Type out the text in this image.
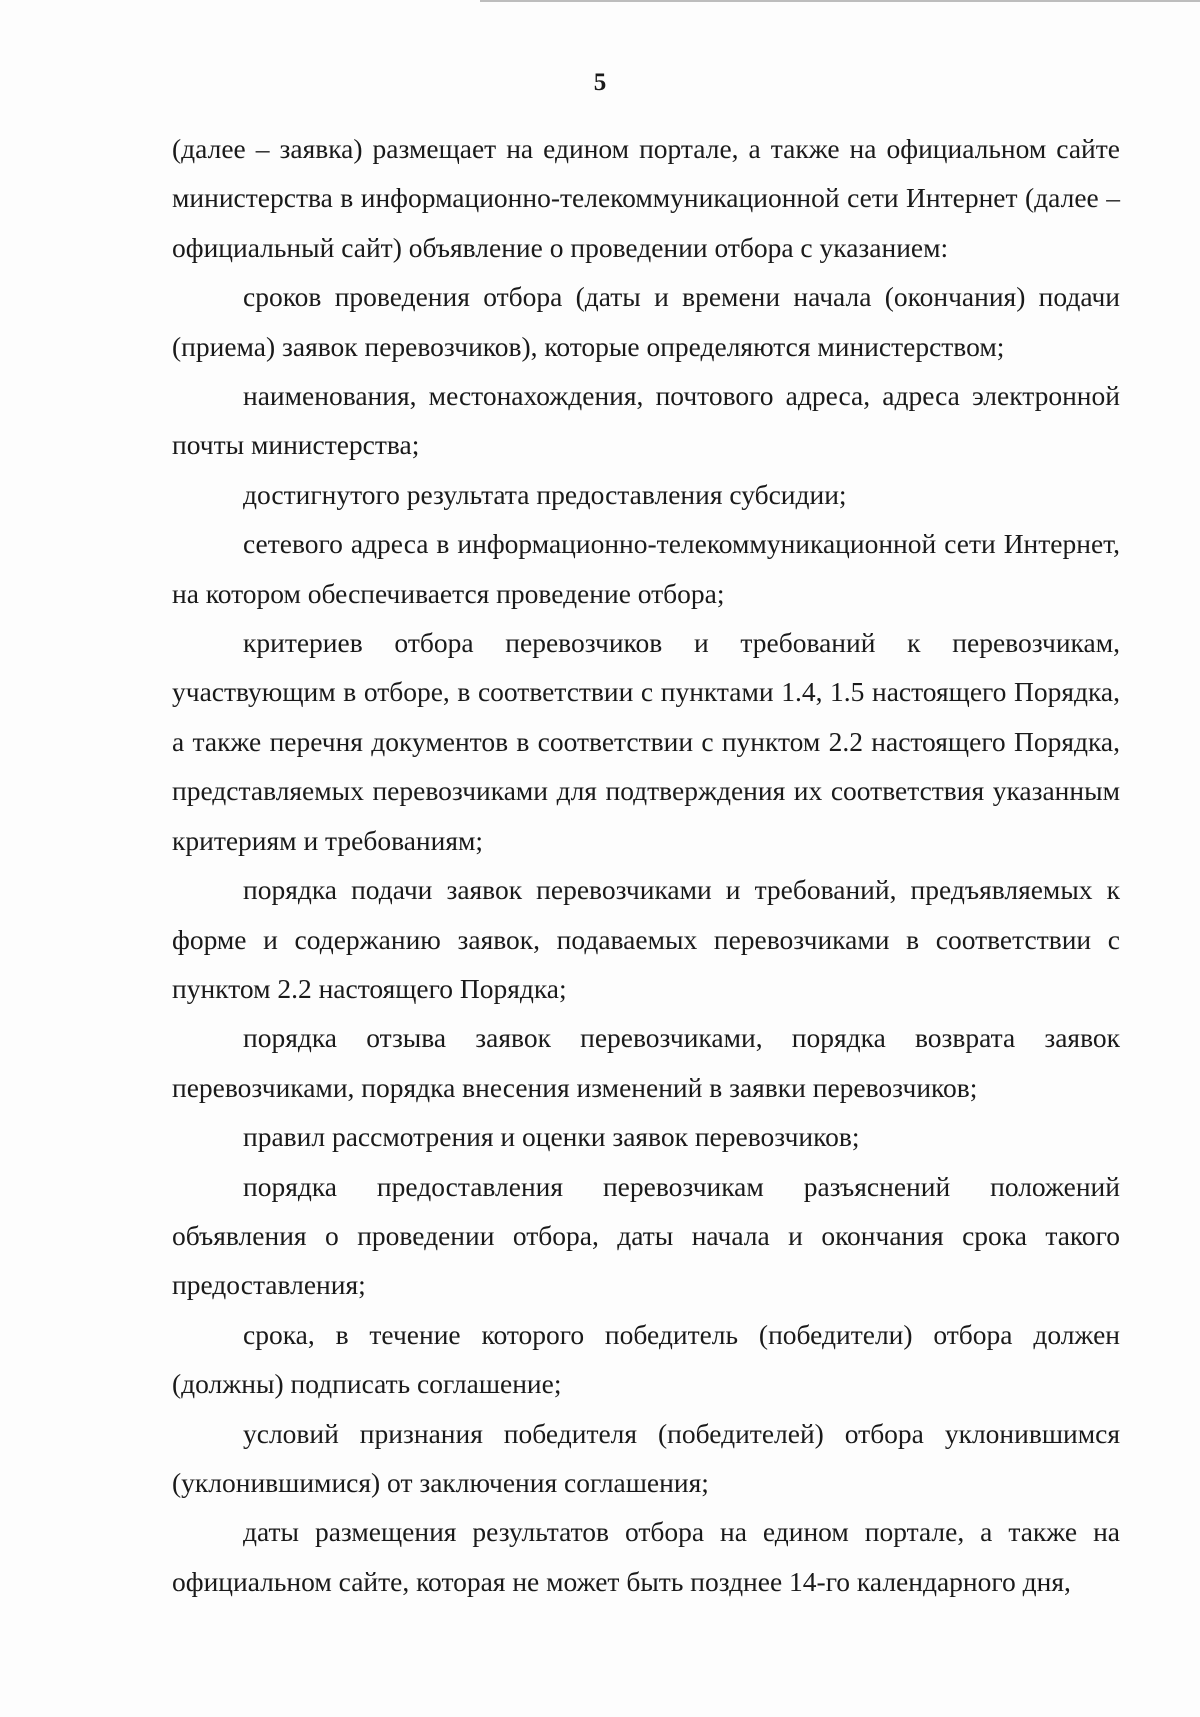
5

(далее – заявка) размещает на едином портале, а также на официальном сайте министерства в информационно-телекоммуникационной сети Интернет (далее – официальный сайт) объявление о проведении отбора с указанием:

сроков проведения отбора (даты и времени начала (окончания) подачи (приема) заявок перевозчиков), которые определяются министерством;

наименования, местонахождения, почтового адреса, адреса электронной почты министерства;

достигнутого результата предоставления субсидии;

сетевого адреса в информационно-телекоммуникационной сети Интернет, на котором обеспечивается проведение отбора;

критериев отбора перевозчиков и требований к перевозчикам, участвующим в отборе, в соответствии с пунктами 1.4, 1.5 настоящего Порядка, а также перечня документов в соответствии с пунктом 2.2 настоящего Порядка, представляемых перевозчиками для подтверждения их соответствия указанным критериям и требованиям;

порядка подачи заявок перевозчиками и требований, предъявляемых к форме и содержанию заявок, подаваемых перевозчиками в соответствии с пунктом 2.2 настоящего Порядка;

порядка отзыва заявок перевозчиками, порядка возврата заявок перевозчиками, порядка внесения изменений в заявки перевозчиков;

правил рассмотрения и оценки заявок перевозчиков;

порядка предоставления перевозчикам разъяснений положений объявления о проведении отбора, даты начала и окончания срока такого предоставления;

срока, в течение которого победитель (победители) отбора должен (должны) подписать соглашение;

условий признания победителя (победителей) отбора уклонившимся (уклонившимися) от заключения соглашения;

даты размещения результатов отбора на едином портале, а также на официальном сайте, которая не может быть позднее 14-го календарного дня,
